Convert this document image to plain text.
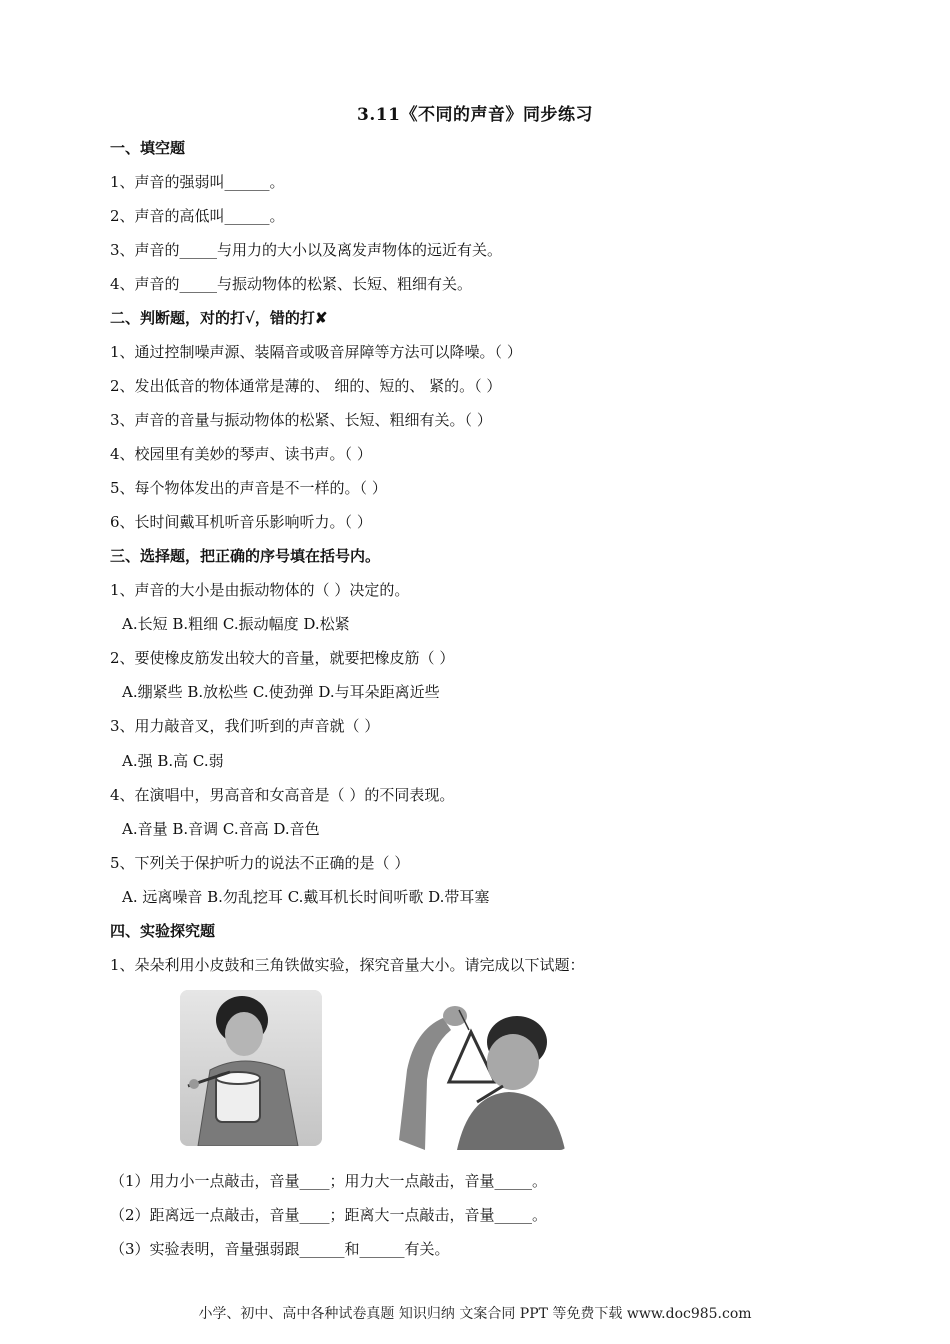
3.11《不同的声音》同步练习
一、填空题
1、声音的强弱叫______。
2、声音的高低叫______。
3、声音的_____与用力的大小以及离发声物体的远近有关。
4、声音的_____与振动物体的松紧、长短、粗细有关。
二、判断题，对的打√，错的打✘
1、通过控制噪声源、装隔音或吸音屏障等方法可以降噪。（ ）
2、发出低音的物体通常是薄的、 细的、短的、 紧的。（ ）
3、声音的音量与振动物体的松紧、长短、粗细有关。（ ）
4、校园里有美妙的琴声、读书声。（ ）
5、每个物体发出的声音是不一样的。（ ）
6、长时间戴耳机听音乐影响听力。（ ）
三、选择题，把正确的序号填在括号内。
1、声音的大小是由振动物体的（ ）决定的。
A.长短 B.粗细 C.振动幅度 D.松紧
2、要使橡皮筋发出较大的音量，就要把橡皮筋（ ）
A.绷紧些 B.放松些 C.使劲弹 D.与耳朵距离近些
3、用力敲音叉，我们听到的声音就（ ）
A.强 B.高 C.弱
4、在演唱中，男高音和女高音是（ ）的不同表现。
A.音量 B.音调 C.音高 D.音色
5、下列关于保护听力的说法不正确的是（ ）
A. 远离噪音 B.勿乱挖耳 C.戴耳机长时间听歌 D.带耳塞
四、实验探究题
1、朵朵利用小皮鼓和三角铁做实验，探究音量大小。请完成以下试题：
（1）用力小一点敲击，音量____；用力大一点敲击，音量_____。
（2）距离远一点敲击，音量____；距离大一点敲击，音量_____。
（3）实验表明，音量强弱跟______和______有关。
小学、初中、高中各种试卷真题 知识归纳 文案合同 PPT 等免费下载 www.doc985.com
